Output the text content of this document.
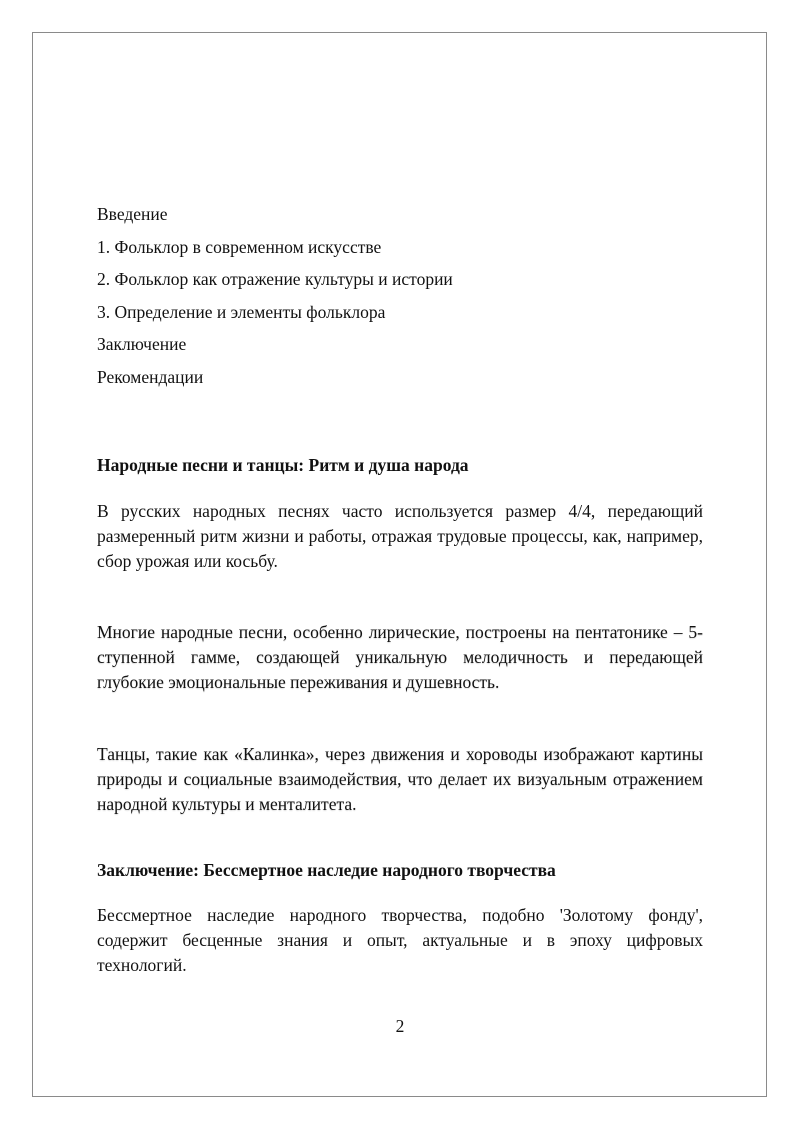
Введение
1. Фольклор в современном искусстве
2. Фольклор как отражение культуры и истории
3. Определение и элементы фольклора
Заключение
Рекомендации
Народные песни и танцы: Ритм и душа народа

В русских народных песнях часто используется размер 4/4, передающий размеренный ритм жизни и работы, отражая трудовые процессы, как, например, сбор урожая или косьбу.

Многие народные песни, особенно лирические, построены на пентатонике – 5-ступенной гамме, создающей уникальную мелодичность и передающей глубокие эмоциональные переживания и душевность.

Танцы, такие как «Калинка», через движения и хороводы изображают картины природы и социальные взаимодействия, что делает их визуальным отражением народной культуры и менталитета.

Заключение: Бессмертное наследие народного творчества

Бессмертное наследие народного творчества, подобно 'Золотому фонду', содержит бесценные знания и опыт, актуальные и в эпоху цифровых технологий.

2
